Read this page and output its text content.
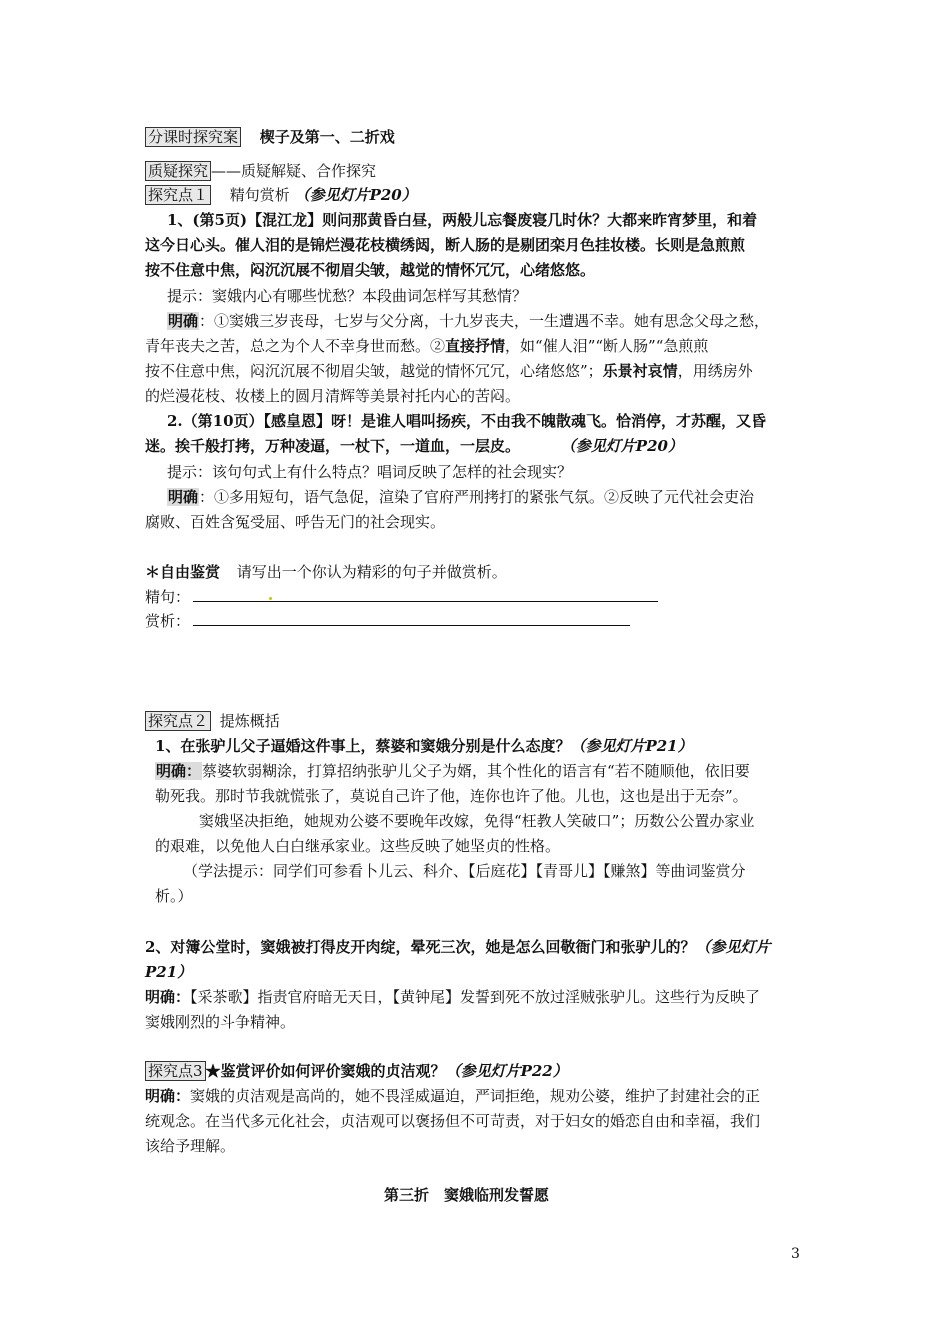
分课时探究案 楔子及第一、二折戏
质疑探究 ——质疑解疑、合作探究
探究点１ 精句赏析 （参见灯片P20）
1、(第5页)【混江龙】则问那黄昏白昼，两般儿忘餐废寝几时休？大都来昨宵梦里，和着
这今日心头。催人泪的是锦烂漫花枝横绣闼，断人肠的是剔团栾月色挂妆楼。长则是急煎煎
按不住意中焦，闷沉沉展不彻眉尖皱，越觉的情怀冗冗，心绪悠悠。
提示：窦娥内心有哪些忧愁？本段曲词怎样写其愁情？
明确：①窦娥三岁丧母，七岁与父分离，十九岁丧夫，一生遭遇不幸。她有思念父母之愁，
青年丧夫之苦，总之为个人不幸身世而愁。②直接抒情，如“催人泪”“断人肠”“急煎煎
按不住意中焦，闷沉沉展不彻眉尖皱，越觉的情怀冗冗，心绪悠悠”；乐景衬哀情，用绣房外
的烂漫花枝、妆楼上的圆月清辉等美景衬托内心的苦闷。
2.（第10页）【感皇恩】呀！是谁人唱叫扬疾，不由我不魄散魂飞。恰消停，才苏醒，又昏
迷。挨千般打拷，万种凌逼，一杖下，一道血，一层皮。	（参见灯片P20）
提示：该句句式上有什么特点？唱词反映了怎样的社会现实？
明确：①多用短句，语气急促，渲染了官府严刑拷打的紧张气氛。②反映了元代社会吏治
腐败、百姓含冤受屈、呼告无门的社会现实。
＊自由鉴赏 请写出一个你认为精彩的句子并做赏析。
精句：
赏析：
探究点２ 提炼概括
1、在张驴儿父子逼婚这件事上，蔡婆和窦娥分别是什么态度？（参见灯片P21）
明确：蔡婆软弱糊涂，打算招纳张驴儿父子为婿，其个性化的语言有“若不随顺他，依旧要
勒死我。那时节我就慌张了，莫说自己许了他，连你也许了他。儿也，这也是出于无奈”。
窦娥坚决拒绝，她规劝公婆不要晚年改嫁，免得“枉教人笑破口”；历数公公置办家业
的艰难，以免他人白白继承家业。这些反映了她坚贞的性格。
（学法提示：同学们可参看卜儿云、科介、【后庭花】【青哥儿】【赚煞】等曲词鉴赏分
析。）
2、对簿公堂时，窦娥被打得皮开肉绽，晕死三次，她是怎么回敬衙门和张驴儿的？（参见灯片
P21）
明确：【采茶歌】指责官府暗无天日，【黄钟尾】发誓到死不放过淫贼张驴儿。这些行为反映了
窦娥刚烈的斗争精神。
探究点3 ★鉴赏评价如何评价窦娥的贞洁观？（参见灯片P22）
明确：窦娥的贞洁观是高尚的，她不畏淫威逼迫，严词拒绝，规劝公婆，维护了封建社会的正
统观念。在当代多元化社会，贞洁观可以褒扬但不可苛责，对于妇女的婚恋自由和幸福，我们
该给予理解。
第三折　窦娥临刑发誓愿
3
